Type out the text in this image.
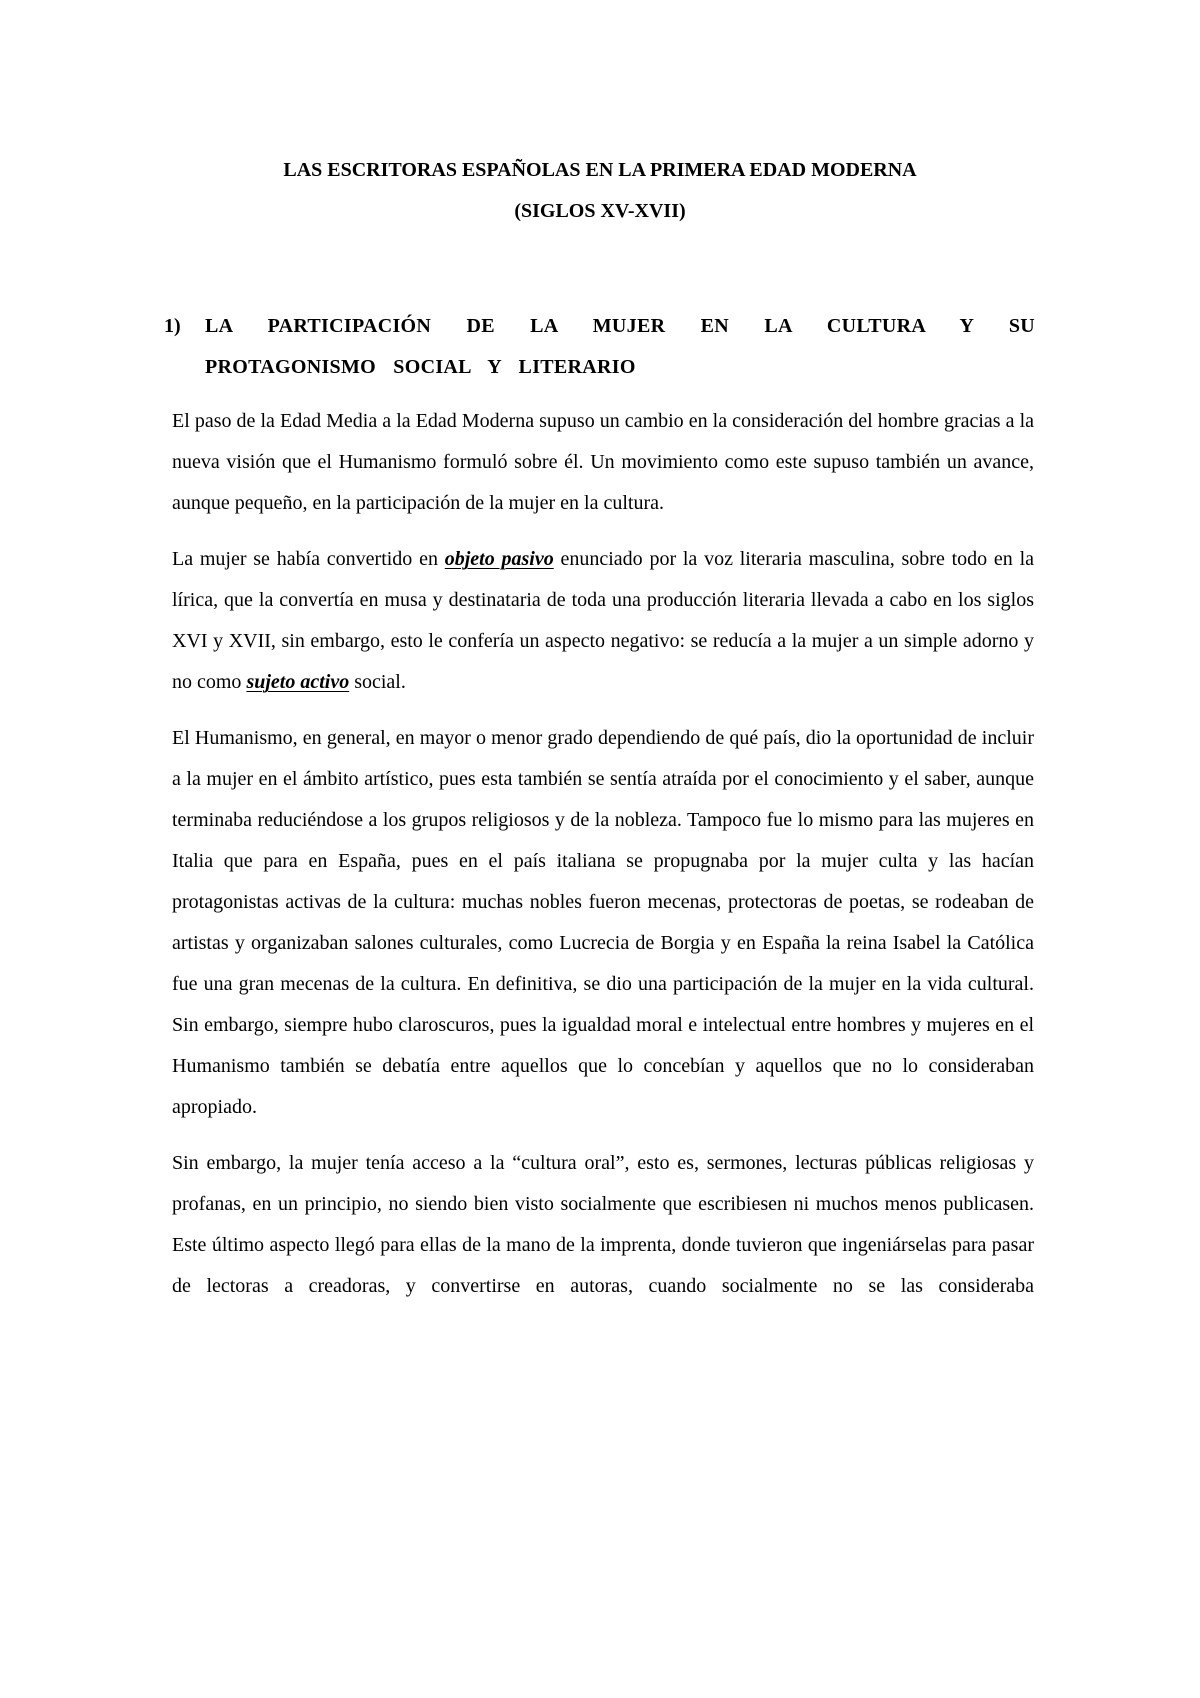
LAS ESCRITORAS ESPAÑOLAS EN LA PRIMERA EDAD MODERNA
(SIGLOS XV-XVII)
1) LA PARTICIPACIÓN DE LA MUJER EN LA CULTURA Y SU PROTAGONISMO SOCIAL Y LITERARIO

El paso de la Edad Media a la Edad Moderna supuso un cambio en la consideración del hombre gracias a la nueva visión que el Humanismo formuló sobre él. Un movimiento como este supuso también un avance, aunque pequeño, en la participación de la mujer en la cultura.

La mujer se había convertido en objeto pasivo enunciado por la voz literaria masculina, sobre todo en la lírica, que la convertía en musa y destinataria de toda una producción literaria llevada a cabo en los siglos XVI y XVII, sin embargo, esto le confería un aspecto negativo: se reducía a la mujer a un simple adorno y no como sujeto activo social.

El Humanismo, en general, en mayor o menor grado dependiendo de qué país, dio la oportunidad de incluir a la mujer en el ámbito artístico, pues esta también se sentía atraída por el conocimiento y el saber, aunque terminaba reduciéndose a los grupos religiosos y de la nobleza. Tampoco fue lo mismo para las mujeres en Italia que para en España, pues en el país italiana se propugnaba por la mujer culta y las hacían protagonistas activas de la cultura: muchas nobles fueron mecenas, protectoras de poetas, se rodeaban de artistas y organizaban salones culturales, como Lucrecia de Borgia y en España la reina Isabel la Católica fue una gran mecenas de la cultura. En definitiva, se dio una participación de la mujer en la vida cultural. Sin embargo, siempre hubo claroscuros, pues la igualdad moral e intelectual entre hombres y mujeres en el Humanismo también se debatía entre aquellos que lo concebían y aquellos que no lo consideraban apropiado.

Sin embargo, la mujer tenía acceso a la “cultura oral”, esto es, sermones, lecturas públicas religiosas y profanas, en un principio, no siendo bien visto socialmente que escribiesen ni muchos menos publicasen. Este último aspecto llegó para ellas de la mano de la imprenta, donde tuvieron que ingeniárselas para pasar de lectoras a creadoras, y convertirse en autoras, cuando socialmente no se las consideraba
